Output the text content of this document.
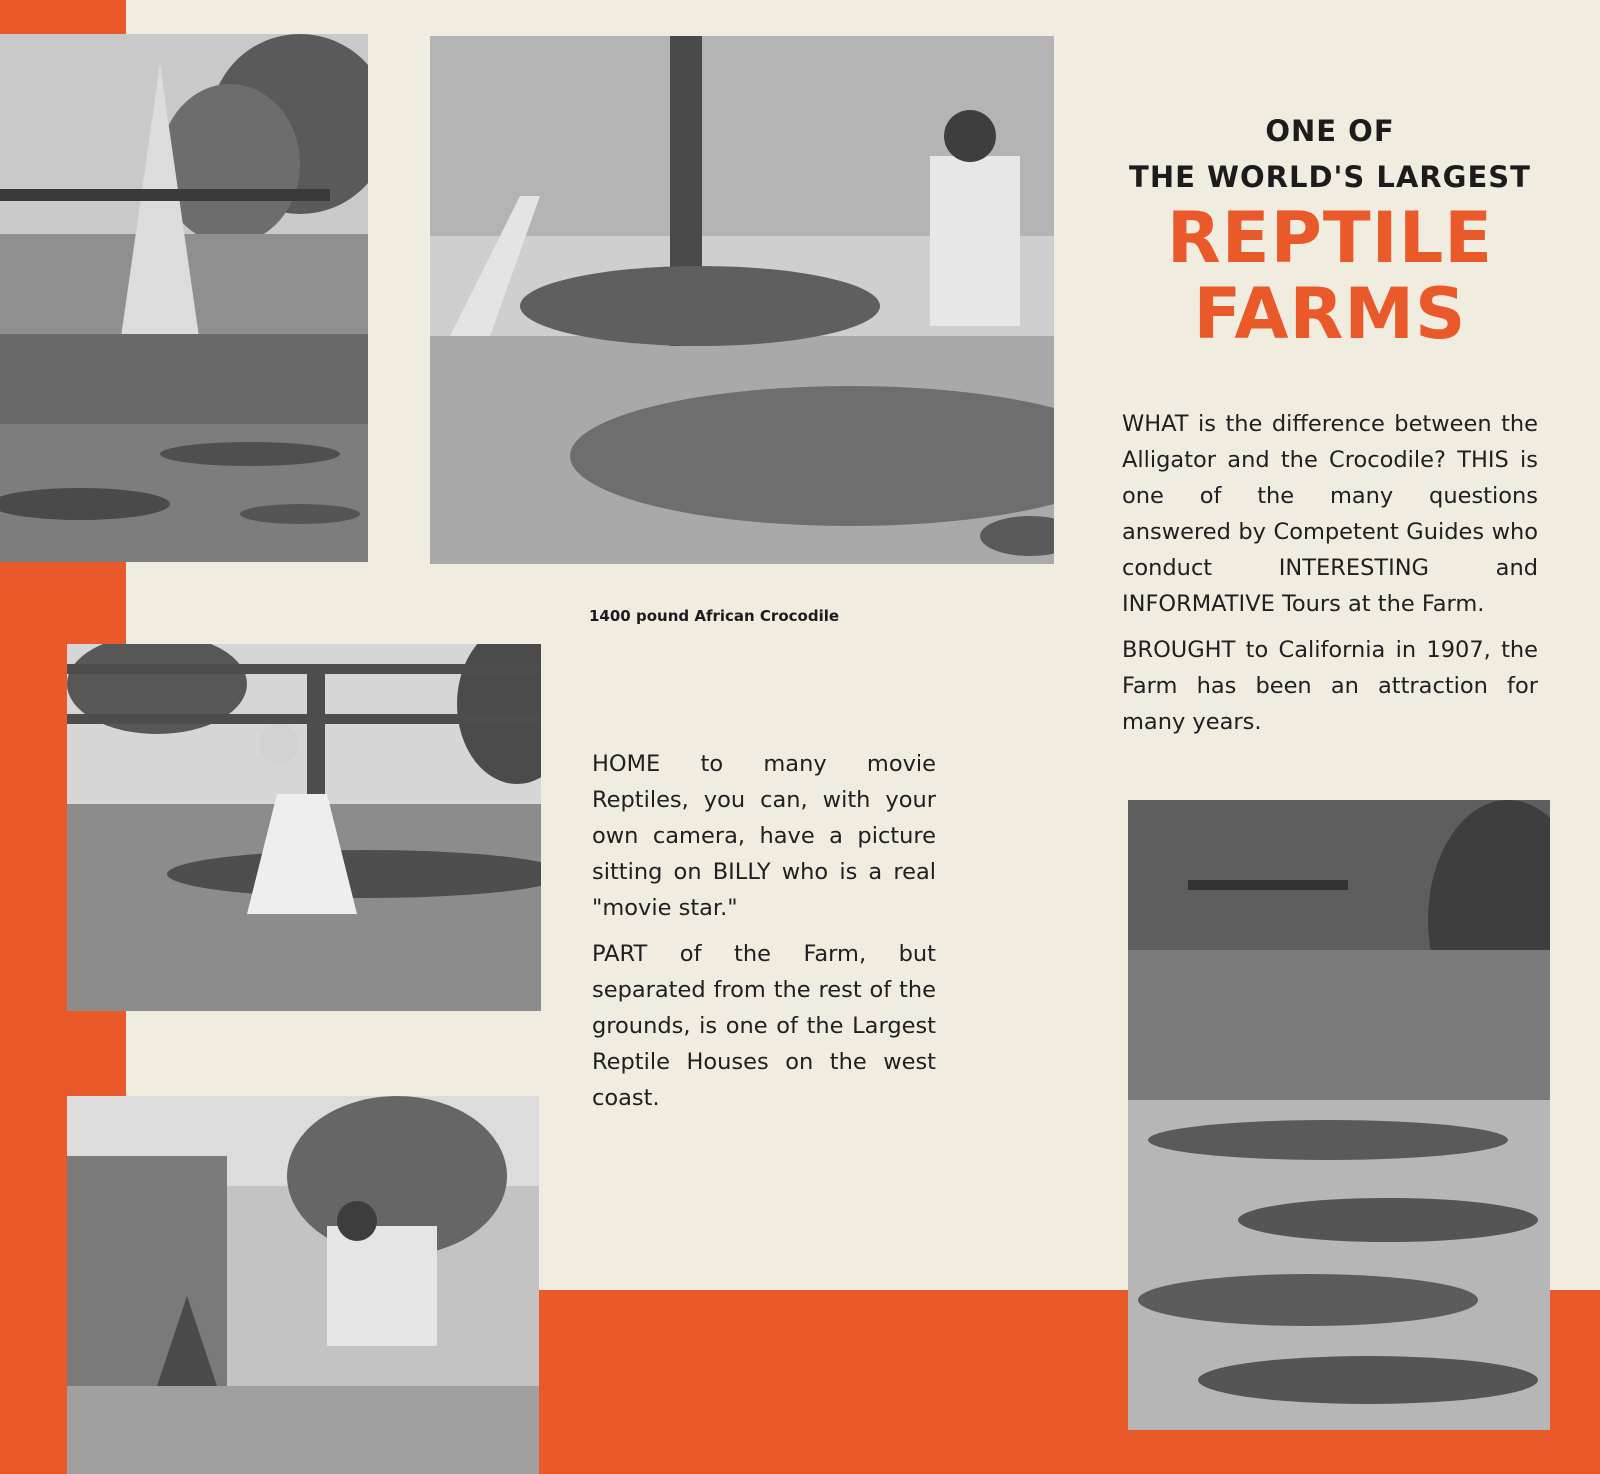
ONE OF
THE WORLD'S LARGEST
REPTILE
FARMS

WHAT is the difference between the Alligator and the Crocodile? THIS is one of the many questions answered by Competent Guides who conduct INTERESTING and INFORMATIVE Tours at the Farm.

BROUGHT to California in 1907, the Farm has been an attraction for many years.

1400 pound African Crocodile

HOME to many movie Reptiles, you can, with your own camera, have a picture sitting on BILLY who is a real "movie star."

PART of the Farm, but separated from the rest of the grounds, is one of the Largest Reptile Houses on the west coast.
